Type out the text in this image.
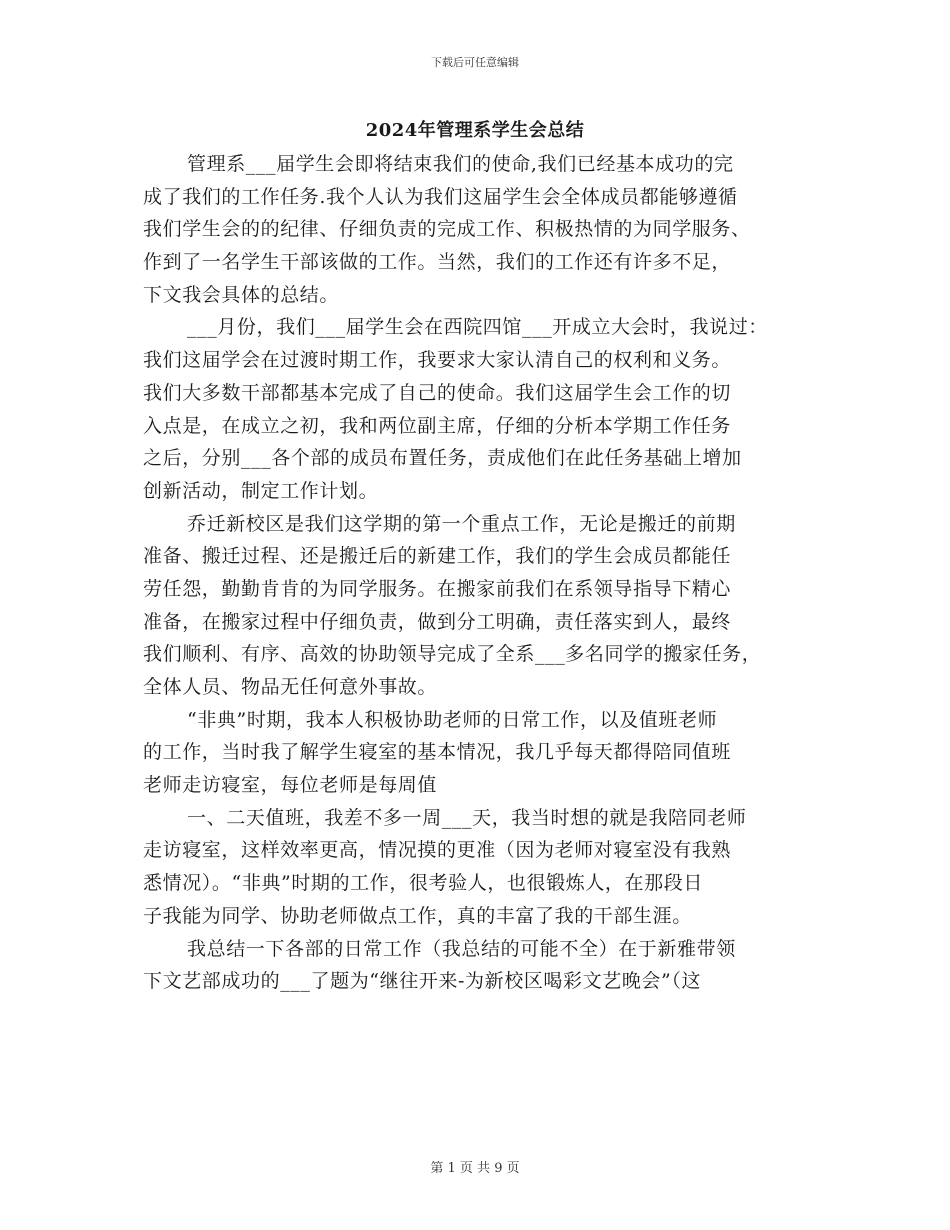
下载后可任意编辑
2024年管理系学生会总结
管理系___届学生会即将结束我们的使命,我们已经基本成功的完
成了我们的工作任务.我个人认为我们这届学生会全体成员都能够遵循
我们学生会的的纪律、仔细负责的完成工作、积极热情的为同学服务、
作到了一名学生干部该做的工作。当然，我们的工作还有许多不足，
下文我会具体的总结。
___月份，我们___届学生会在西院四馆___开成立大会时，我说过：
我们这届学会在过渡时期工作，我要求大家认清自己的权利和义务。
我们大多数干部都基本完成了自己的使命。我们这届学生会工作的切
入点是，在成立之初，我和两位副主席，仔细的分析本学期工作任务
之后，分别___各个部的成员布置任务，责成他们在此任务基础上增加
创新活动，制定工作计划。
乔迁新校区是我们这学期的第一个重点工作，无论是搬迁的前期
准备、搬迁过程、还是搬迁后的新建工作，我们的学生会成员都能任
劳任怨，勤勤肯肯的为同学服务。在搬家前我们在系领导指导下精心
准备，在搬家过程中仔细负责，做到分工明确，责任落实到人，最终
我们顺利、有序、高效的协助领导完成了全系___多名同学的搬家任务，
全体人员、物品无任何意外事故。
“非典”时期，我本人积极协助老师的日常工作，以及值班老师
的工作，当时我了解学生寝室的基本情况，我几乎每天都得陪同值班
老师走访寝室，每位老师是每周值
一、二天值班，我差不多一周___天，我当时想的就是我陪同老师
走访寝室，这样效率更高，情况摸的更准（因为老师对寝室没有我熟
悉情况）。“非典”时期的工作，很考验人，也很锻炼人，在那段日
子我能为同学、协助老师做点工作，真的丰富了我的干部生涯。
我总结一下各部的日常工作（我总结的可能不全）在于新雅带领
下文艺部成功的___了题为“继往开来-为新校区喝彩文艺晚会”（这
第 1 页 共 9 页
